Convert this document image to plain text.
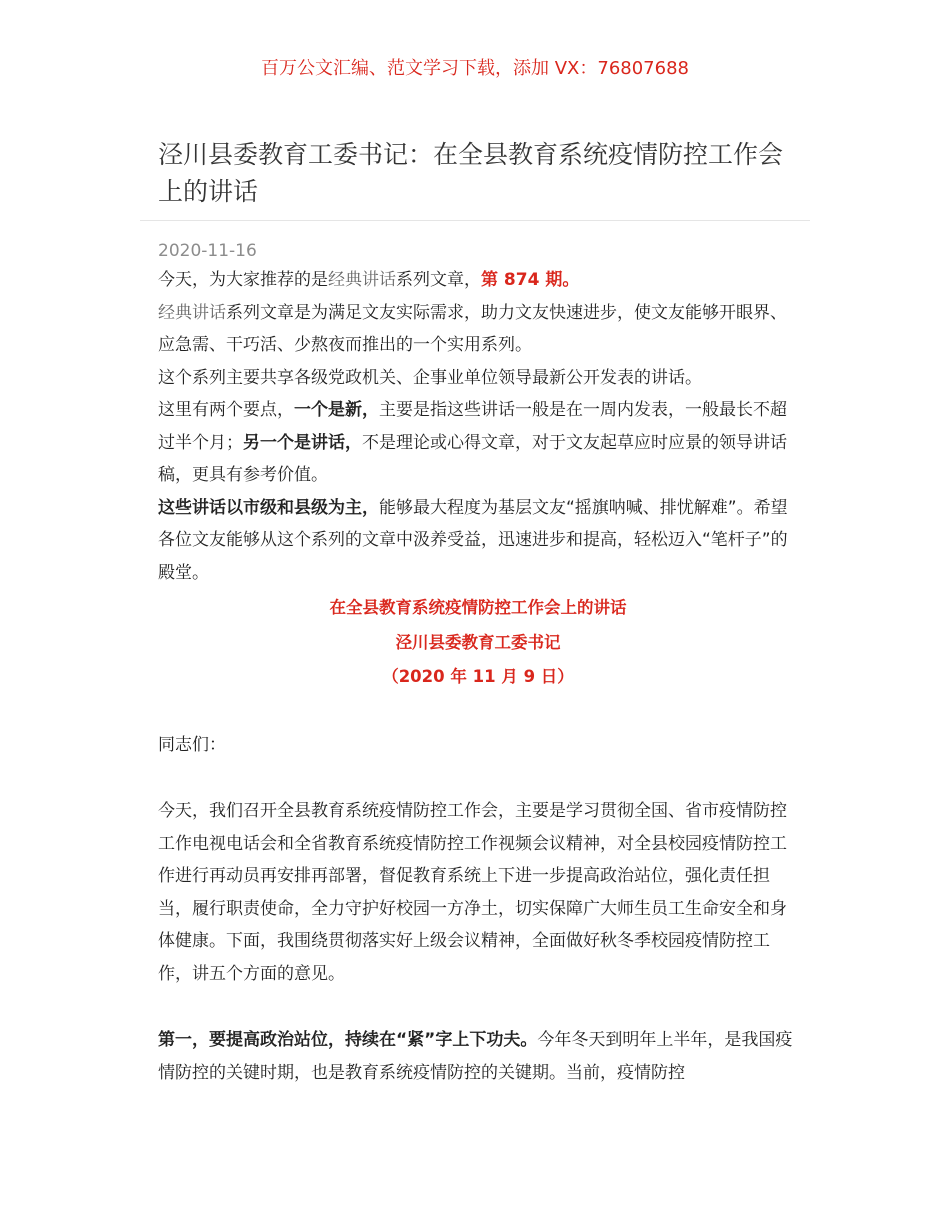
百万公文汇编、范文学习下载，添加 VX：76807688
泾川县委教育工委书记：在全县教育系统疫情防控工作会上的讲话
2020-11-16

今天，为大家推荐的是经典讲话系列文章，第 874 期。

经典讲话系列文章是为满足文友实际需求，助力文友快速进步，使文友能够开眼界、应急需、干巧活、少熬夜而推出的一个实用系列。

这个系列主要共享各级党政机关、企事业单位领导最新公开发表的讲话。

这里有两个要点，一个是新，主要是指这些讲话一般是在一周内发表，一般最长不超过半个月；另一个是讲话，不是理论或心得文章，对于文友起草应时应景的领导讲话稿，更具有参考价值。

这些讲话以市级和县级为主，能够最大程度为基层文友“摇旗呐喊、排忧解难”。希望各位文友能够从这个系列的文章中汲养受益，迅速进步和提高，轻松迈入“笔杆子”的殿堂。

在全县教育系统疫情防控工作会上的讲话

泾川县委教育工委书记

（2020 年 11 月 9 日）

同志们：

今天，我们召开全县教育系统疫情防控工作会，主要是学习贯彻全国、省市疫情防控工作电视电话会和全省教育系统疫情防控工作视频会议精神，对全县校园疫情防控工作进行再动员再安排再部署，督促教育系统上下进一步提高政治站位，强化责任担当，履行职责使命，全力守护好校园一方净土，切实保障广大师生员工生命安全和身体健康。下面，我围绕贯彻落实好上级会议精神，全面做好秋冬季校园疫情防控工作，讲五个方面的意见。

第一，要提高政治站位，持续在“紧”字上下功夫。今年冬天到明年上半年，是我国疫情防控的关键时期，也是教育系统疫情防控的关键期。当前，疫情防控
